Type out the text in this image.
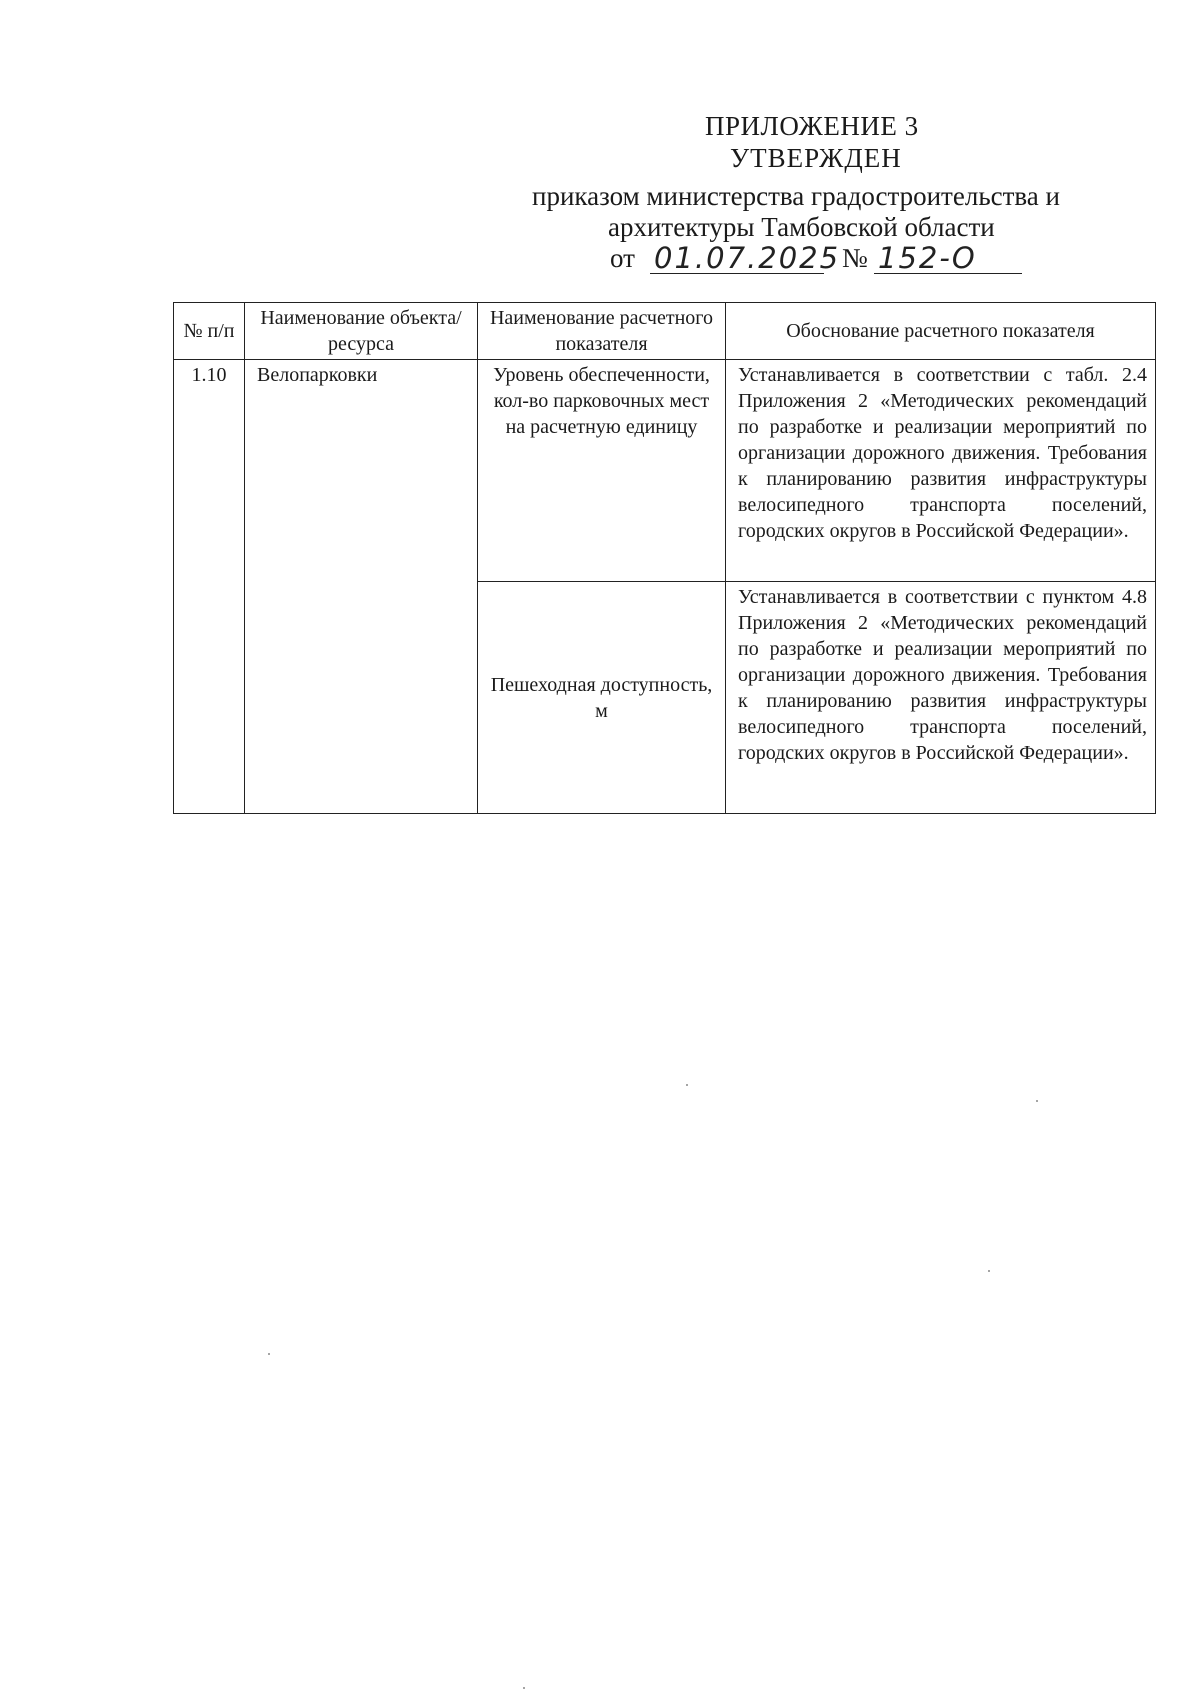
ПРИЛОЖЕНИЕ 3
УТВЕРЖДЕН
приказом министерства градостроительства и
архитектуры Тамбовской области
от 01.07.2025 № 152-О
№ п/п	Наименование объекта/ресурса	Наименование расчетного показателя	Обоснование расчетного показателя
1.10	Велопарковки	Уровень обеспеченности, кол-во парковочных мест на расчетную единицу	Устанавливается в соответствии с табл. 2.4 Приложения 2 «Методических рекомендаций по разработке и реализации мероприятий по организации дорожного движения. Требования к планированию развития инфраструктуры велосипедного транспорта поселений, городских округов в Российской Федерации».
		Пешеходная доступность, м	Устанавливается в соответствии с пунктом 4.8 Приложения 2 «Методических рекомендаций по разработке и реализации мероприятий по организации дорожного движения. Требования к планированию развития инфраструктуры велосипедного транспорта поселений, городских округов в Российской Федерации».
